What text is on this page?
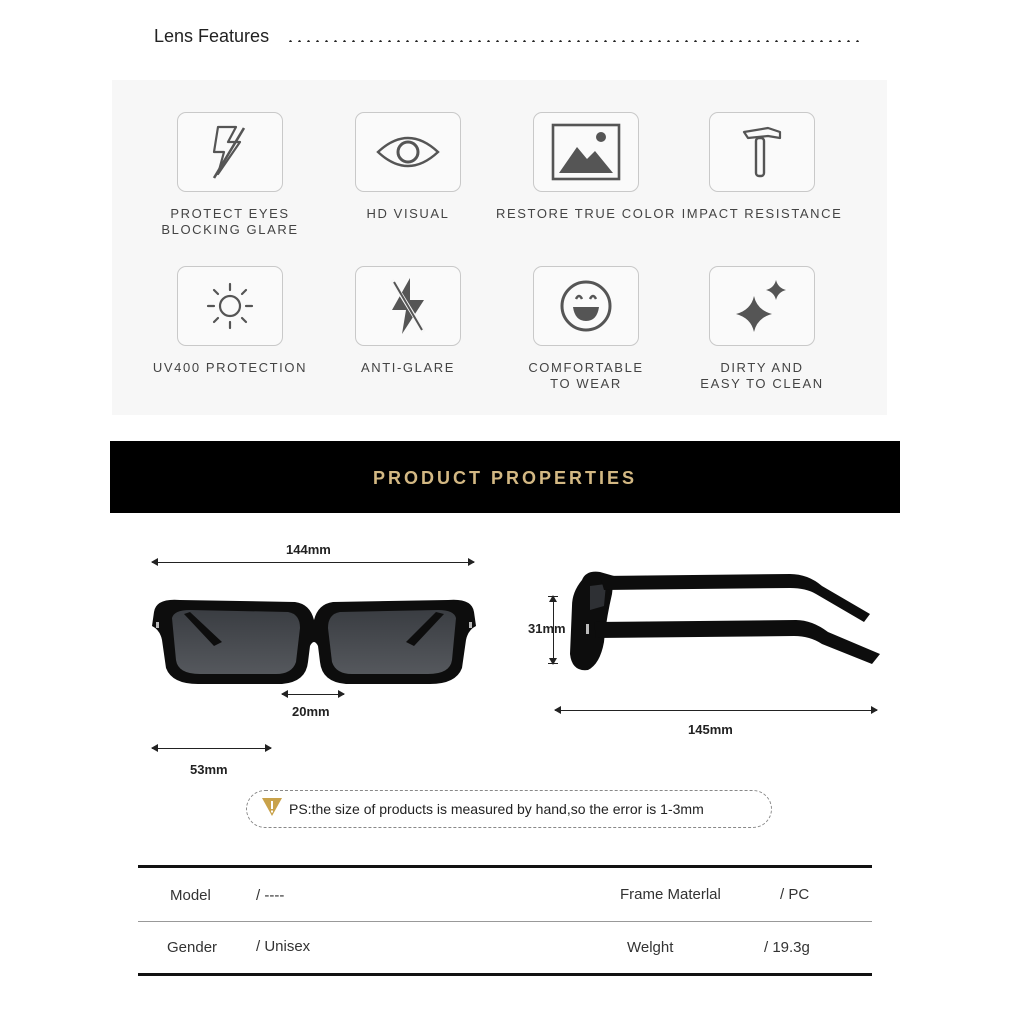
Lens Features
PROTECT EYES
BLOCKING GLARE
HD VISUAL	RESTORE TRUE COLOR IMPACT RESISTANCE
UV400 PROTECTION	ANTI-GLARE	COMFORTABLE
TO WEAR
DIRTY AND
EASY TO CLEAN
PRODUCT PROPERTIES
144mm
20mm
53mm
31mm
145mm
PS:the size of products is measured by hand,so the error is 1-3mm
Model	/ ----	Frame Materlal	/ PC
Gender	/ Unisex	Welght	/ 19.3g
